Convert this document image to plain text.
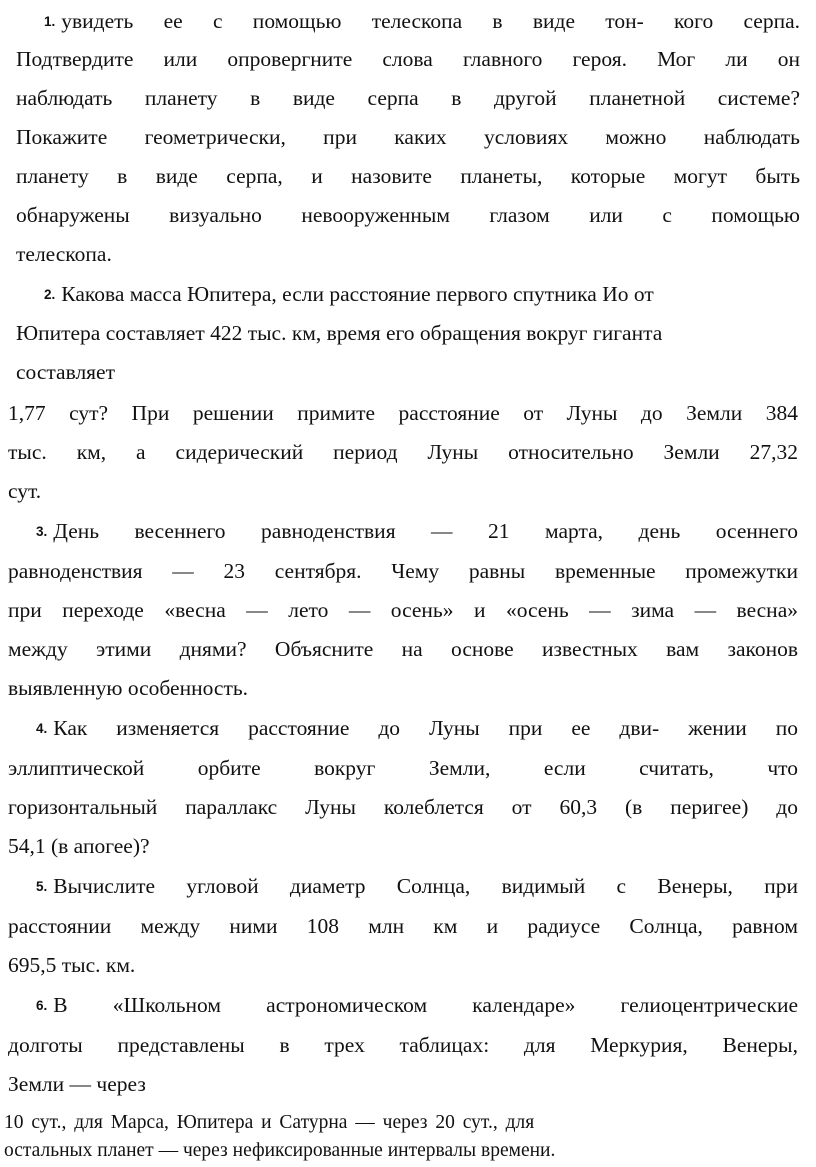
1. увидеть ее с помощью телескопа в виде тон- кого серпа.
Подтвердите или опровергните слова главного героя. Мог ли он
наблюдать планету в виде серпа в другой планетной системе?
Покажите геометрически, при каких условиях можно наблюдать
планету в виде серпа, и назовите планеты, которые могут быть
обнаружены визуально невооруженным глазом или с помощью
телескопа.
2. Какова масса Юпитера, если расстояние первого спутника Ио от
Юпитера составляет 422 тыс. км, время его обращения вокруг гиганта
составляет
1,77 сут? При решении примите расстояние от Луны до Земли 384
тыс. км, а сидерический период Луны относительно Земли 27,32
сут.
3. День весеннего равноденствия — 21 марта, день осеннего
равноденствия — 23 сентября. Чему равны временные промежутки
при переходе «весна — лето — осень» и «осень — зима — весна»
между этими днями? Объясните на основе известных вам законов
выявленную особенность.
4. Как изменяется расстояние до Луны при ее дви- жении по
эллиптической орбите вокруг Земли, если считать, что
горизонтальный параллакс Луны колеблется от 60,3 (в перигее) до
54,1 (в апогее)?
5. Вычислите угловой диаметр Солнца, видимый с Венеры, при
расстоянии между ними 108 млн км и радиусе Солнца, равном
695,5 тыс. км.
6. В «Школьном астрономическом календаре» гелиоцентрические
долготы представлены в трех таблицах: для Меркурия, Венеры,
Земли — через
10 сут., для Марса, Юпитера и Сатурна — через 20 сут., для
остальных планет — через нефиксированные интервалы времени.
